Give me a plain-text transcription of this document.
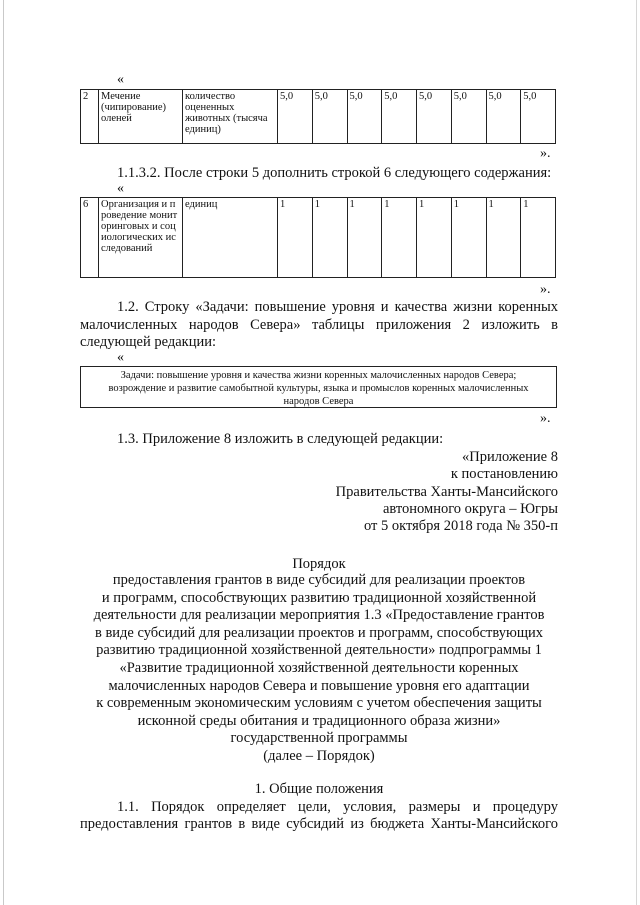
«
2	Мечение (чипирование) оленей	количество оцененных животных (тысяча единиц)	5,0	5,0	5,0	5,0	5,0	5,0	5,0	5,0
».
1.1.3.2. После строки 5 дополнить строкой 6 следующего содержания:
«
6	Организация и проведение мониторинговых и социологических исследований	единиц	1	1	1	1	1	1	1	1
».
1.2. Строку «Задачи: повышение уровня и качества жизни коренных
малочисленных народов Севера» таблицы приложения 2 изложить в
следующей редакции:
«
Задачи: повышение уровня и качества жизни коренных малочисленных народов Севера;
возрождение и развитие самобытной культуры, языка и промыслов коренных малочисленных
народов Севера
».
1.3. Приложение 8 изложить в следующей редакции:
«Приложение 8
к постановлению
Правительства Ханты-Мансийского
автономного округа – Югры
от 5 октября 2018 года № 350-п
Порядок
предоставления грантов в виде субсидий для реализации проектов
и программ, способствующих развитию традиционной хозяйственной
деятельности для реализации мероприятия 1.3 «Предоставление грантов
в виде субсидий для реализации проектов и программ, способствующих
развитию традиционной хозяйственной деятельности» подпрограммы 1
«Развитие традиционной хозяйственной деятельности коренных
малочисленных народов Севера и повышение уровня его адаптации
к современным экономическим условиям с учетом обеспечения защиты
исконной среды обитания и традиционного образа жизни»
государственной программы
(далее – Порядок)
1. Общие положения
1.1. Порядок определяет цели, условия, размеры и процедуру
предоставления грантов в виде субсидий из бюджета Ханты-Мансийского
